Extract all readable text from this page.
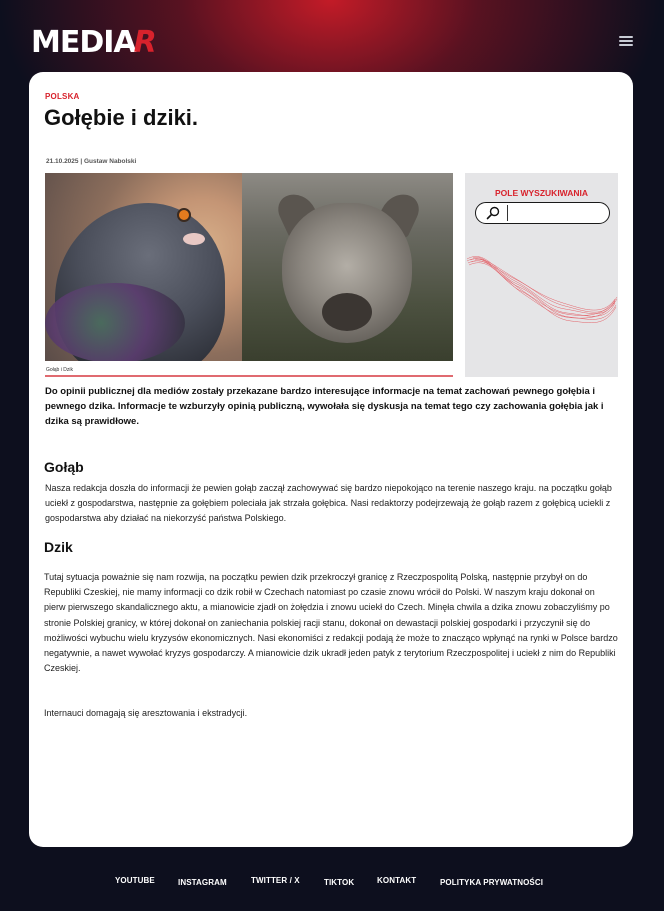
MEDIA
R
POLSKA
Gołębie i dziki.
21.10.2025 | Gustaw Nabolski
Gołąb i Dzik
POLE WYSZUKIWANIA

Do opinii publicznej dla mediów zostały przekazane bardzo interesujące informacje na temat zachowań pewnego gołębia i pewnego dzika. Informacje te wzburzyły opinią publiczną, wywołała się dyskusja na temat tego czy zachowania gołębia jak i dzika są prawidłowe.

Gołąb

Nasza redakcja doszła do informacji że pewien gołąb zaczął zachowywać się bardzo niepokojąco na terenie naszego kraju. na początku gołąb uciekł z gospodarstwa, następnie za gołębiem poleciała jak strzała gołębica. Nasi redaktorzy podejrzewają że gołąb razem z gołębicą uciekli z gospodarstwa aby działać na niekorzyść państwa Polskiego.

Dzik

Tutaj sytuacja poważnie się nam rozwija, na początku pewien dzik przekroczył granicę z Rzeczpospolitą Polską, następnie przybył on do Republiki Czeskiej, nie mamy informacji co dzik robił w Czechach natomiast po czasie znowu wrócił do Polski. W naszym kraju dokonał on pierw pierwszego skandalicznego aktu, a mianowicie zjadł on żołędzia i znowu uciekł do Czech. Minęła chwila a dzika znowu zobaczyliśmy po stronie Polskiej granicy, w której dokonał on zaniechania polskiej racji stanu, dokonał on dewastacji polskiej gospodarki i przyczynił się do możliwości wybuchu wielu kryzysów ekonomicznych. Nasi ekonomiści z redakcji podają że może to znacząco wpłynąć na rynki w Polsce bardzo negatywnie, a nawet wywołać kryzys gospodarczy. A mianowicie dzik ukradł jeden patyk z terytorium Rzeczpospolitej i uciekł z nim do Republiki Czeskiej.

Internauci domagają się aresztowania i ekstradycji.

YOUTUBE	INSTAGRAM	TWITTER / X	TIKTOK	KONTAKT	POLITYKA PRYWATNOŚCI
